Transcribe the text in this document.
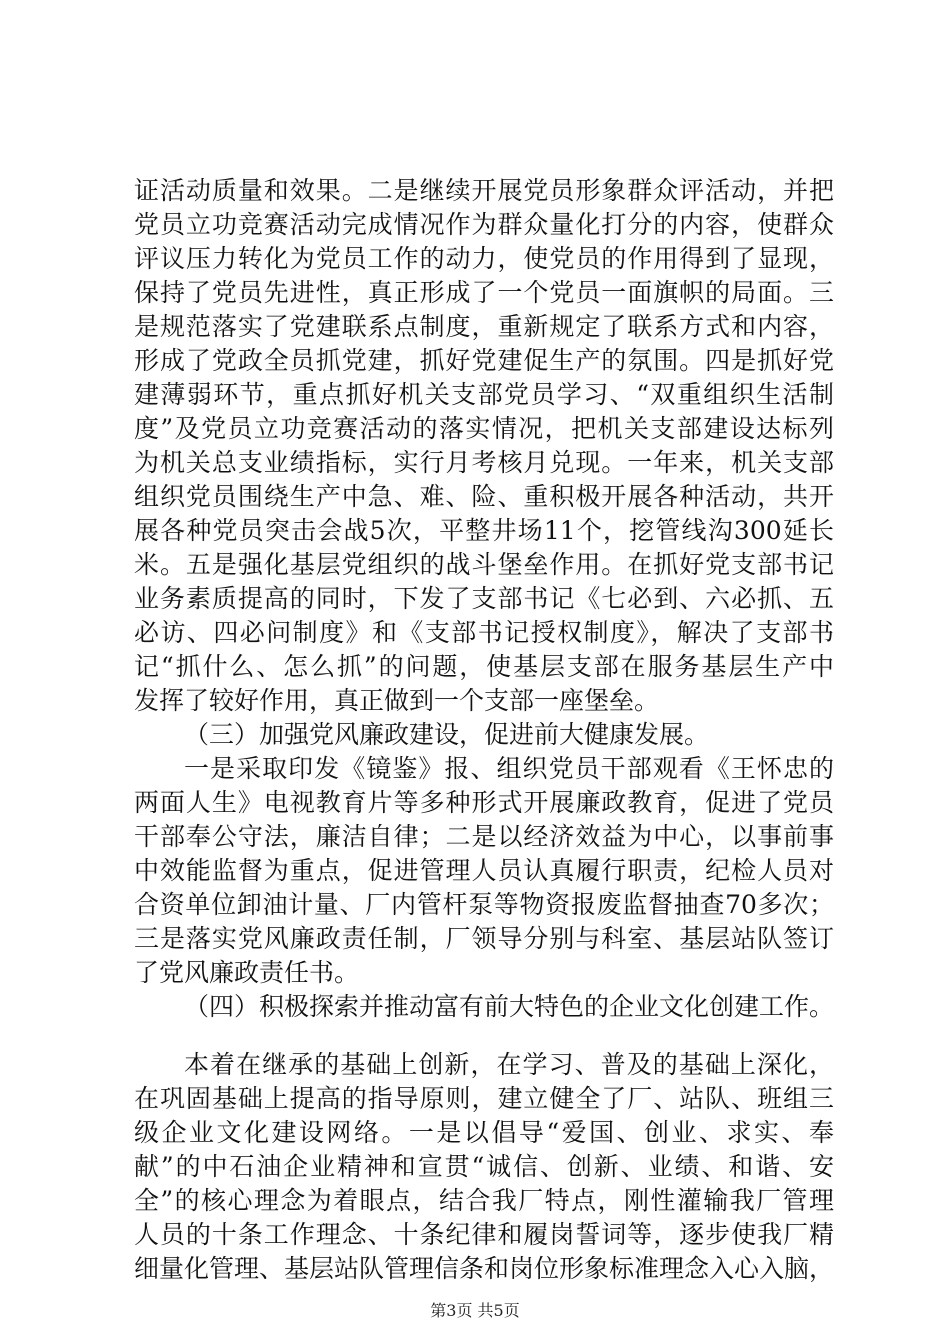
证活动质量和效果。二是继续开展党员形象群众评活动，并把
党员立功竞赛活动完成情况作为群众量化打分的内容，使群众
评议压力转化为党员工作的动力，使党员的作用得到了显现，
保持了党员先进性，真正形成了一个党员一面旗帜的局面。三
是规范落实了党建联系点制度，重新规定了联系方式和内容，
形成了党政全员抓党建，抓好党建促生产的氛围。四是抓好党
建薄弱环节，重点抓好机关支部党员学习、“双重组织生活制
度”及党员立功竞赛活动的落实情况，把机关支部建设达标列
为机关总支业绩指标，实行月考核月兑现。一年来，机关支部
组织党员围绕生产中急、难、险、重积极开展各种活动，共开
展各种党员突击会战5次，平整井场11个，挖管线沟300延长
米。五是强化基层党组织的战斗堡垒作用。在抓好党支部书记
业务素质提高的同时，下发了支部书记《七必到、六必抓、五
必访、四必问制度》和《支部书记授权制度》，解决了支部书
记“抓什么、怎么抓”的问题，使基层支部在服务基层生产中
发挥了较好作用，真正做到一个支部一座堡垒。
（三）加强党风廉政建设，促进前大健康发展。
一是采取印发《镜鉴》报、组织党员干部观看《王怀忠的
两面人生》电视教育片等多种形式开展廉政教育，促进了党员
干部奉公守法，廉洁自律；二是以经济效益为中心，以事前事
中效能监督为重点，促进管理人员认真履行职责，纪检人员对
合资单位卸油计量、厂内管杆泵等物资报废监督抽查70多次；
三是落实党风廉政责任制，厂领导分别与科室、基层站队签订
了党风廉政责任书。
（四）积极探索并推动富有前大特色的企业文化创建工作。
本着在继承的基础上创新，在学习、普及的基础上深化，
在巩固基础上提高的指导原则，建立健全了厂、站队、班组三
级企业文化建设网络。一是以倡导“爱国、创业、求实、奉
献”的中石油企业精神和宣贯“诚信、创新、业绩、和谐、安
全”的核心理念为着眼点，结合我厂特点，刚性灌输我厂管理
人员的十条工作理念、十条纪律和履岗誓词等，逐步使我厂精
细量化管理、基层站队管理信条和岗位形象标准理念入心入脑，
第3页 共5页
